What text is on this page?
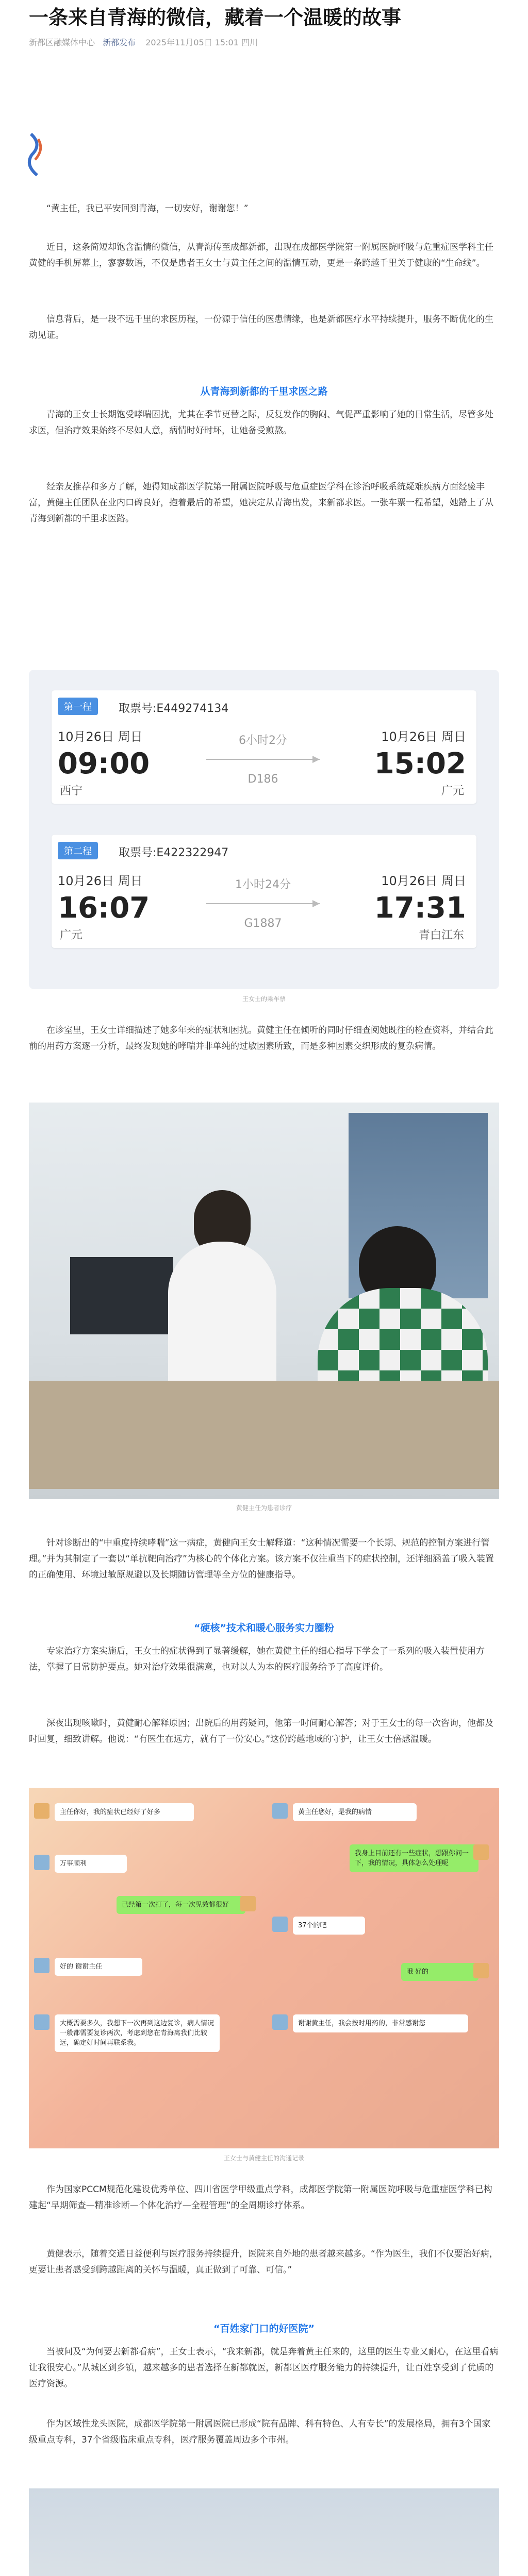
一条来自青海的微信，藏着一个温暖的故事
新都区融媒体中心 新都发布 2025年11月05日 15:01 四川

“黄主任，我已平安回到青海，一切安好，谢谢您！”

近日，这条简短却饱含温情的微信，从青海传至成都新都，出现在成都医学院第一附属医院呼吸与危重症医学科主任黄健的手机屏幕上，寥寥数语，不仅是患者王女士与黄主任之间的温情互动，更是一条跨越千里关于健康的“生命线”。

信息背后，是一段不远千里的求医历程，一份源于信任的医患情缘，也是新都医疗水平持续提升，服务不断优化的生动见证。

从青海到新都的千里求医之路

青海的王女士长期饱受哮喘困扰，尤其在季节更替之际，反复发作的胸闷、气促严重影响了她的日常生活，尽管多处求医，但治疗效果始终不尽如人意，病情时好时坏，让她备受煎熬。

经亲友推荐和多方了解，她得知成都医学院第一附属医院呼吸与危重症医学科在诊治呼吸系统疑难疾病方面经验丰富，黄健主任团队在业内口碑良好，抱着最后的希望，她决定从青海出发，来新都求医。一张车票一程希望，她踏上了从青海到新都的千里求医路。

第一程	取票号:E449274134
10月26日 周日	10月26日 周日
09:00	15:02
西宁	广元
6小时2分
D186
第二程	取票号:E422322947
10月26日 周日	10月26日 周日
16:07	17:31
广元	青白江东
1小时24分
G1887
王女士的乘车票

在诊室里，王女士详细描述了她多年来的症状和困扰。黄健主任在倾听的同时仔细查阅她既往的检查资料，并结合此前的用药方案逐一分析，最终发现她的哮喘并非单纯的过敏因素所致，而是多种因素交织形成的复杂病情。

黄健主任为患者诊疗

针对诊断出的“中重度持续哮喘”这一病症，黄健向王女士解释道：“这种情况需要一个长期、规范的控制方案进行管理。”并为其制定了一套以“单抗靶向治疗”为核心的个体化方案。该方案不仅注重当下的症状控制，还详细涵盖了吸入装置的正确使用、环境过敏原规避以及长期随访管理等全方位的健康指导。

“硬核”技术和暖心服务实力圈粉

专家治疗方案实施后，王女士的症状得到了显著缓解，她在黄健主任的细心指导下学会了一系列的吸入装置使用方法，掌握了日常防护要点。她对治疗效果很满意，也对以人为本的医疗服务给予了高度评价。

深夜出现咳嗽时，黄健耐心解释原因；出院后的用药疑问，他第一时间耐心解答；对于王女士的每一次咨询，他都及时回复，细致讲解。他说：“有医生在远方，就有了一份安心。”这份跨越地域的守护，让王女士倍感温暖。

主任你好，我的症状已经好了好多
万事顺利
已经第一次打了，每一次见效都很好
好的 谢谢主任
大概需要多久，我想下一次再到这边复诊，病人情况一般都需要复诊两次，考虑到您在青海离我们比较远，确定好时间再联系我。
黄主任您好，是我的病情
我身上目前还有一些症状，想跟你问一下，我的情况，具体怎么处理呢
37个的吧
哦 好的
谢谢黄主任，我会按时用药的，非常感谢您
王女士与黄健主任的沟通记录

作为国家PCCM规范化建设优秀单位、四川省医学甲级重点学科，成都医学院第一附属医院呼吸与危重症医学科已构建起“早期筛查—精准诊断—个体化治疗—全程管理”的全周期诊疗体系。

黄健表示，随着交通日益便利与医疗服务持续提升，医院来自外地的患者越来越多。“作为医生，我们不仅要治好病，更要让患者感受到跨越距离的关怀与温暖，真正做到了可靠、可信。”

“百姓家门口的好医院”

当被问及“为何要去新都看病”，王女士表示，“我来新都，就是奔着黄主任来的，这里的医生专业又耐心，在这里看病让我很安心。”从城区到乡镇，越来越多的患者选择在新都就医，新都区医疗服务能力的持续提升，让百姓享受到了优质的医疗资源。

作为区域性龙头医院，成都医学院第一附属医院已形成“院有品牌、科有特色、人有专长”的发展格局，拥有3个国家级重点专科，37个省级临床重点专科，医疗服务覆盖周边多个市州。
